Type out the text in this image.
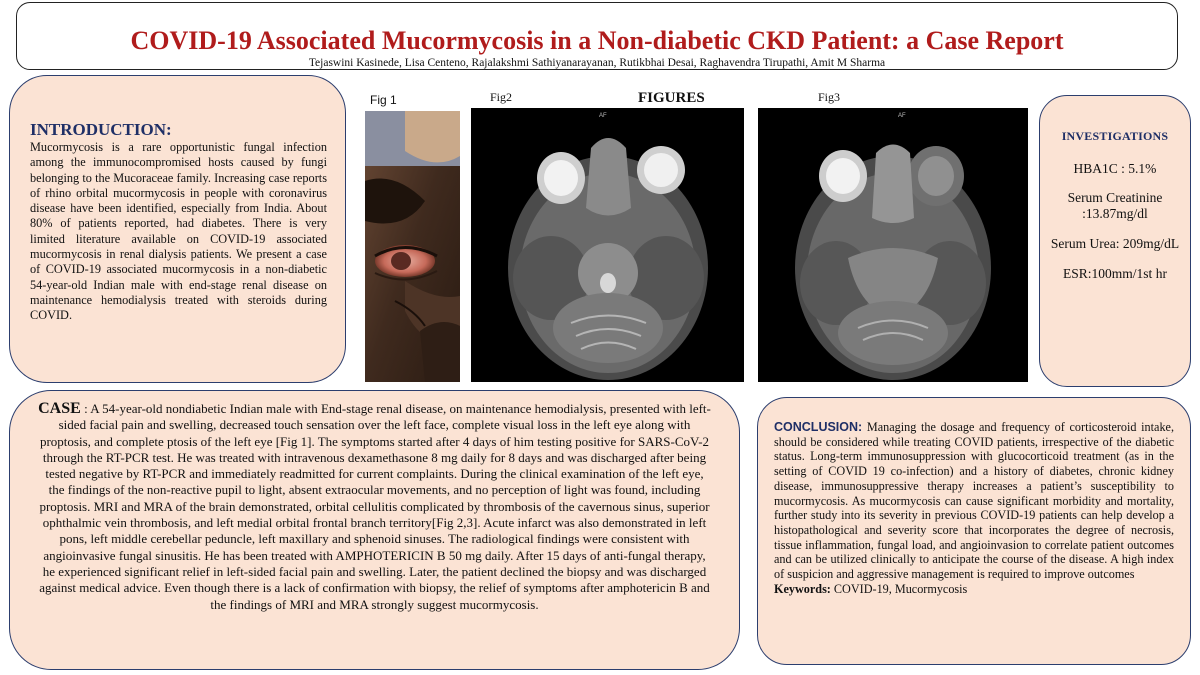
COVID-19 Associated Mucormycosis in a Non-diabetic CKD Patient: a Case Report
Tejaswini Kasinede, Lisa Centeno, Rajalakshmi Sathiyanarayanan, Rutikbhai Desai, Raghavendra Tirupathi, Amit M Sharma
INTRODUCTION:
Mucormycosis is a rare opportunistic fungal infection among the immunocompromised hosts caused by fungi belonging to the Mucoraceae family. Increasing case reports of rhino orbital mucormycosis in people with coronavirus disease have been identified, especially from India. About 80% of patients reported, had diabetes. There is very limited literature available on COVID-19 associated mucormycosis in renal dialysis patients. We present a case of COVID-19 associated mucormycosis in a non-diabetic 54-year-old Indian male with end-stage renal disease on maintenance hemodialysis treated with steroids during COVID.
Fig 1	Fig2	FIGURES	Fig3
AF	AF
INVESTIGATIONS
HBA1C : 5.1%
Serum Creatinine :13.87mg/dl
Serum Urea: 209mg/dL
ESR:100mm/1st hr
CASE : A 54-year-old nondiabetic Indian male with End-stage renal disease, on maintenance hemodialysis, presented with left-sided facial pain and swelling, decreased touch sensation over the left face, complete visual loss in the left eye along with proptosis, and complete ptosis of the left eye [Fig 1]. The symptoms started after 4 days of him testing positive for SARS-CoV-2 through the RT-PCR test. He was treated with intravenous dexamethasone 8 mg daily for 8 days and was discharged after being tested negative by RT-PCR and immediately readmitted for current complaints. During the clinical examination of the left eye, the findings of the non-reactive pupil to light, absent extraocular movements, and no perception of light was found, including proptosis. MRI and MRA of the brain demonstrated, orbital cellulitis complicated by thrombosis of the cavernous sinus, superior ophthalmic vein thrombosis, and left medial orbital frontal branch territory[Fig 2,3]. Acute infarct was also demonstrated in left pons, left middle cerebellar peduncle, left maxillary and sphenoid sinuses. The radiological findings were consistent with angioinvasive fungal sinusitis. He has been treated with AMPHOTERICIN B 50 mg daily. After 15 days of anti-fungal therapy, he experienced significant relief in left-sided facial pain and swelling. Later, the patient declined the biopsy and was discharged against medical advice. Even though there is a lack of confirmation with biopsy, the relief of symptoms after amphotericin B and the findings of MRI and MRA strongly suggest mucormycosis.
CONCLUSION: Managing the dosage and frequency of corticosteroid intake, should be considered while treating COVID patients, irrespective of the diabetic status. Long-term immunosuppression with glucocorticoid treatment (as in the setting of COVID 19 co-infection) and a history of diabetes, chronic kidney disease, immunosuppressive therapy increases a patient’s susceptibility to mucormycosis. As mucormycosis can cause significant morbidity and mortality, further study into its severity in previous COVID-19 patients can help develop a histopathological and severity score that incorporates the degree of necrosis, tissue inflammation, fungal load, and angioinvasion to correlate patient outcomes and can be utilized clinically to anticipate the course of the disease. A high index of suspicion and aggressive management is required to improve outcomes
Keywords: COVID-19, Mucormycosis
